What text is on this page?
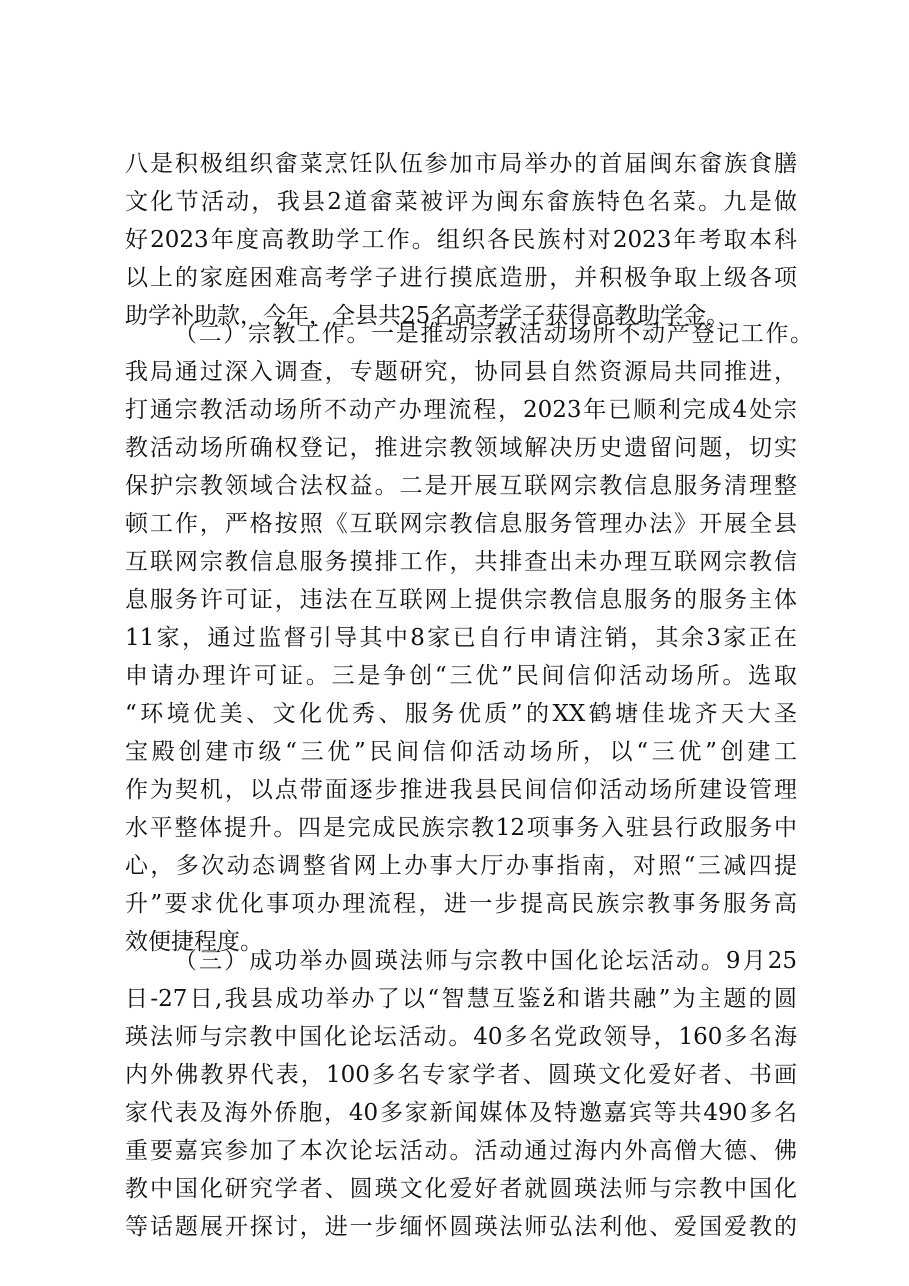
八是积极组织畲菜烹饪队伍参加市局举办的首届闽东畲族食膳
文化节活动，我县2道畲菜被评为闽东畲族特色名菜。九是做
好2023年度高教助学工作。组织各民族村对2023年考取本科
以上的家庭困难高考学子进行摸底造册，并积极争取上级各项
助学补助款，今年，全县共25名高考学子获得高教助学金。
（二）宗教工作。一是推动宗教活动场所不动产登记工作。
我局通过深入调查，专题研究，协同县自然资源局共同推进，
打通宗教活动场所不动产办理流程，2023年已顺利完成4处宗
教活动场所确权登记，推进宗教领域解决历史遗留问题，切实
保护宗教领域合法权益。二是开展互联网宗教信息服务清理整
顿工作，严格按照《互联网宗教信息服务管理办法》开展全县
互联网宗教信息服务摸排工作，共排查出未办理互联网宗教信
息服务许可证，违法在互联网上提供宗教信息服务的服务主体
11家，通过监督引导其中8家已自行申请注销，其余3家正在
申请办理许可证。三是争创“三优”民间信仰活动场所。选取
“环境优美、文化优秀、服务优质”的XX鹤塘佳垅齐天大圣
宝殿创建市级“三优”民间信仰活动场所，以“三优”创建工
作为契机，以点带面逐步推进我县民间信仰活动场所建设管理
水平整体提升。四是完成民族宗教12项事务入驻县行政服务中
心，多次动态调整省网上办事大厅办事指南，对照“三减四提
升”要求优化事项办理流程，进一步提高民族宗教事务服务高
效便捷程度。
（三）成功举办圆瑛法师与宗教中国化论坛活动。9月25
日-27日,我县成功举办了以“智慧互鉴ž和谐共融”为主题的圆
瑛法师与宗教中国化论坛活动。40多名党政领导，160多名海
内外佛教界代表，100多名专家学者、圆瑛文化爱好者、书画
家代表及海外侨胞，40多家新闻媒体及特邀嘉宾等共490多名
重要嘉宾参加了本次论坛活动。活动通过海内外高僧大德、佛
教中国化研究学者、圆瑛文化爱好者就圆瑛法师与宗教中国化
等话题展开探讨，进一步缅怀圆瑛法师弘法利他、爱国爱教的
